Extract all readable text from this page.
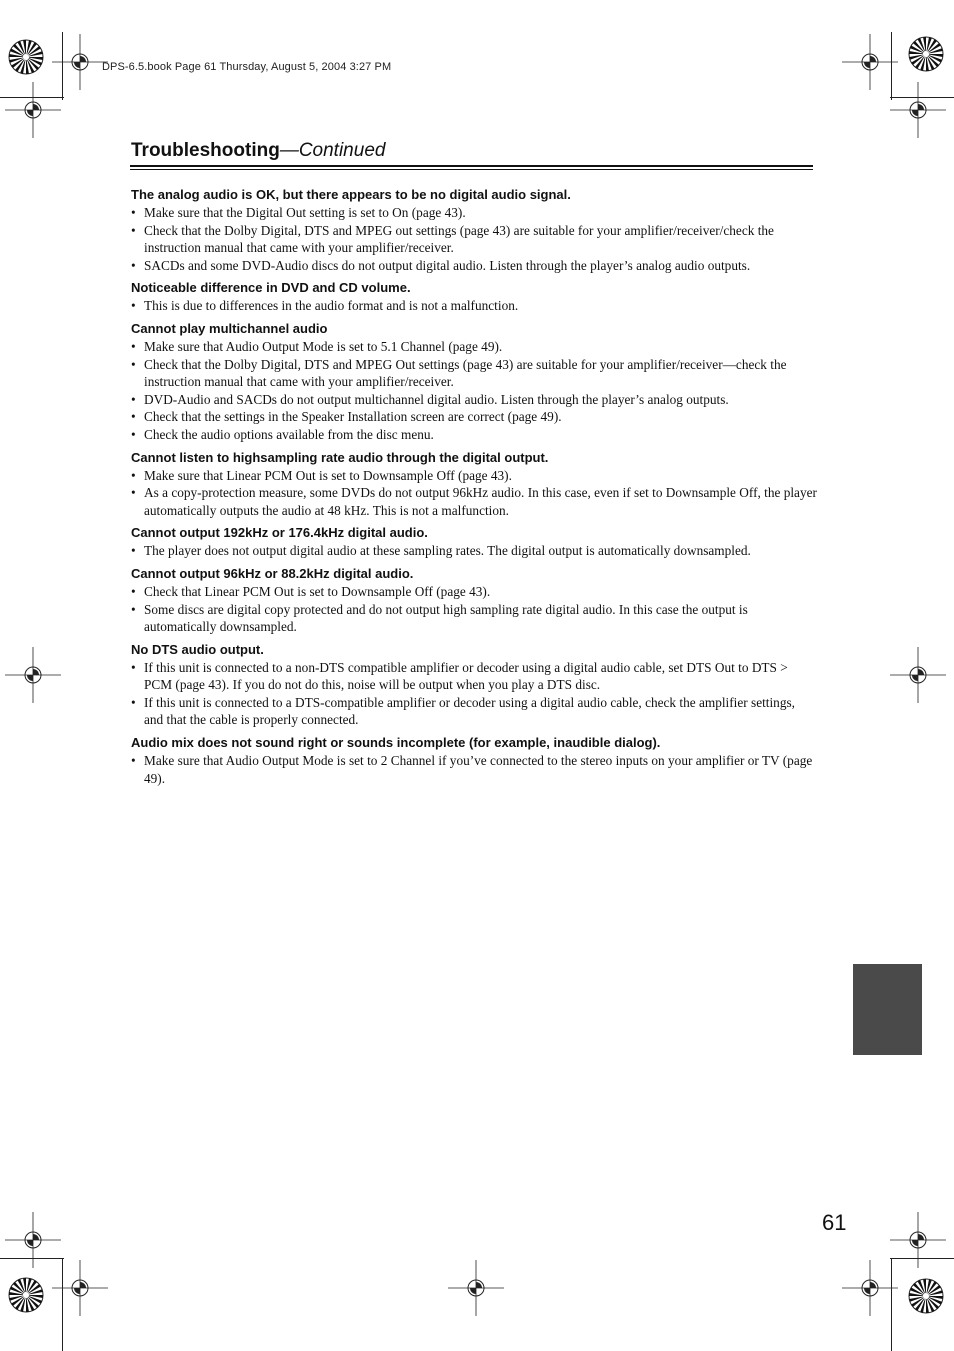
DPS-6.5.book Page 61 Thursday, August 5, 2004 3:27 PM
Troubleshooting—Continued
The analog audio is OK, but there appears to be no digital audio signal.
• Make sure that the Digital Out setting is set to On (page 43).
• Check that the Dolby Digital, DTS and MPEG out settings (page 43) are suitable for your amplifier/receiver/check the instruction manual that came with your amplifier/receiver.
• SACDs and some DVD-Audio discs do not output digital audio. Listen through the player’s analog audio outputs.
Noticeable difference in DVD and CD volume.
• This is due to differences in the audio format and is not a malfunction.
Cannot play multichannel audio
• Make sure that Audio Output Mode is set to 5.1 Channel (page 49).
• Check that the Dolby Digital, DTS and MPEG Out settings (page 43) are suitable for your amplifier/receiver—check the instruction manual that came with your amplifier/receiver.
• DVD-Audio and SACDs do not output multichannel digital audio. Listen through the player’s analog outputs.
• Check that the settings in the Speaker Installation screen are correct (page 49).
• Check the audio options available from the disc menu.
Cannot listen to highsampling rate audio through the digital output.
• Make sure that Linear PCM Out is set to Downsample Off (page 43).
• As a copy-protection measure, some DVDs do not output 96kHz audio. In this case, even if set to Downsample Off, the player automatically outputs the audio at 48 kHz. This is not a malfunction.
Cannot output 192kHz or 176.4kHz digital audio.
• The player does not output digital audio at these sampling rates. The digital output is automatically downsampled.
Cannot output 96kHz or 88.2kHz digital audio.
• Check that Linear PCM Out is set to Downsample Off (page 43).
• Some discs are digital copy protected and do not output high sampling rate digital audio. In this case the output is automatically downsampled.
No DTS audio output.
• If this unit is connected to a non-DTS compatible amplifier or decoder using a digital audio cable, set DTS Out to DTS > PCM (page 43). If you do not do this, noise will be output when you play a DTS disc.
• If this unit is connected to a DTS-compatible amplifier or decoder using a digital audio cable, check the amplifier settings, and that the cable is properly connected.
Audio mix does not sound right or sounds incomplete (for example, inaudible dialog).
• Make sure that Audio Output Mode is set to 2 Channel if you’ve connected to the stereo inputs on your amplifier or TV (page 49).
61
